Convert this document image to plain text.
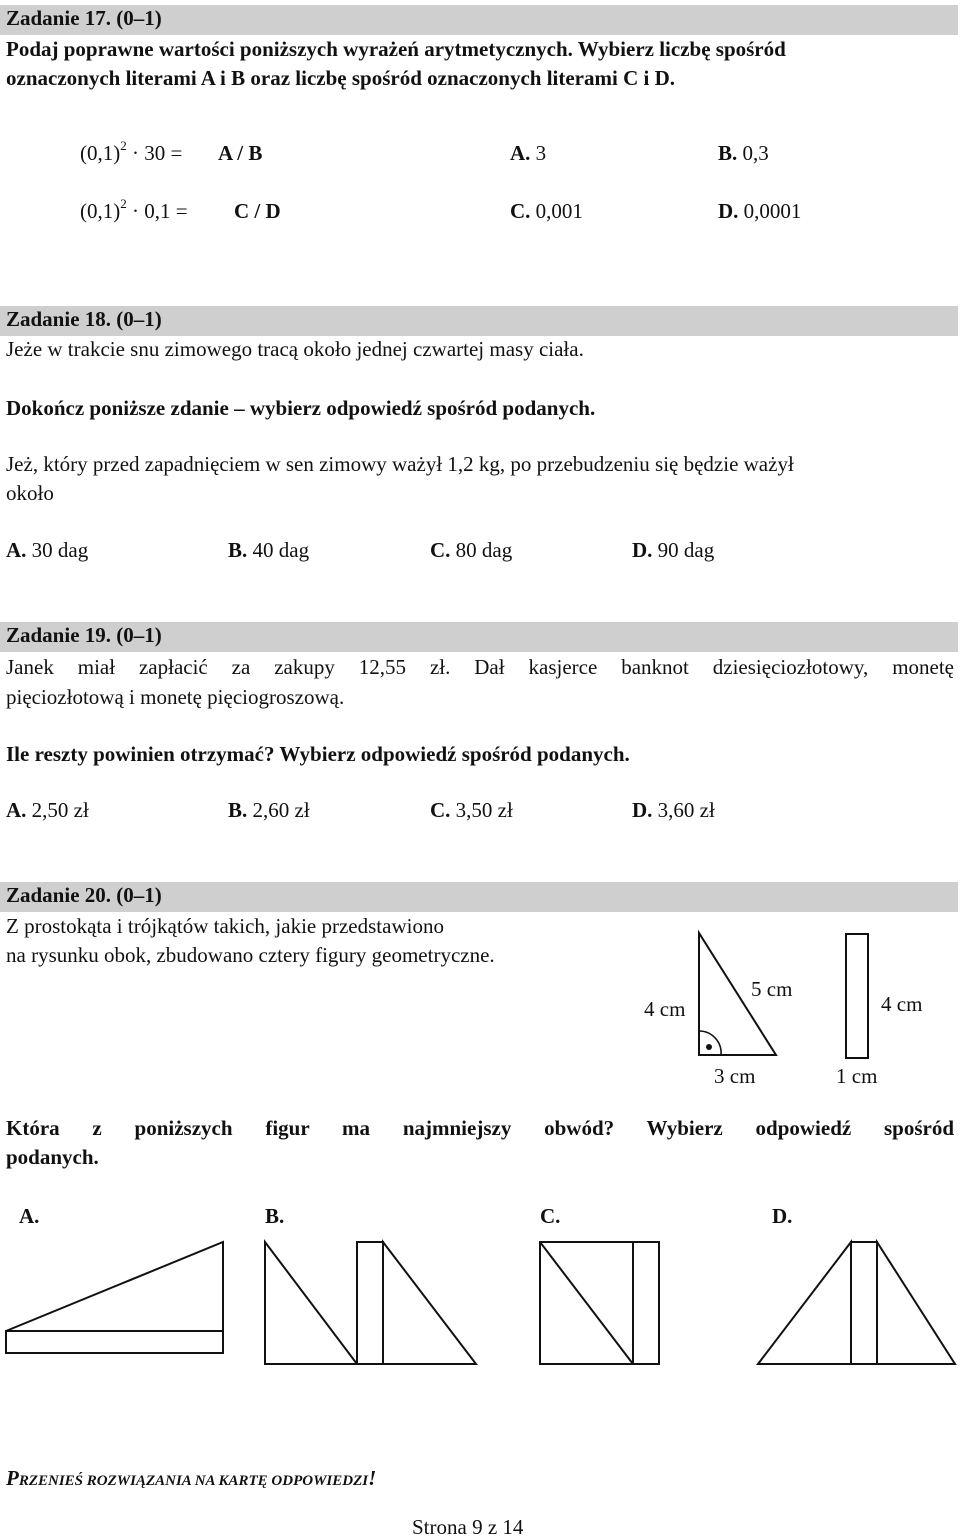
Zadanie 17. (0–1)
Podaj poprawne wartości poniższych wyrażeń arytmetycznych. Wybierz liczbę spośród
oznaczonych literami A i B oraz liczbę spośród oznaczonych literami C i D.
$(0,1)^2 \cdot 30 = A / B$	A. 3	B. 0,3
$(0,1)^2 \cdot 0,1 = C / D$	C. 0,001	D. 0,0001
Zadanie 18. (0–1)
Jeże w trakcie snu zimowego tracą około jednej czwartej masy ciała.
Dokończ poniższe zdanie – wybierz odpowiedź spośród podanych.
Jeż, który przed zapadnięciem w sen zimowy ważył 1,2 kg, po przebudzeniu się będzie ważył
około
A. 30 dag	B. 40 dag	C. 80 dag	D. 90 dag
Zadanie 19. (0–1)
Janek miał zapłacić za zakupy 12,55 zł. Dał kasjerce banknot dziesięciozłotowy, monetę
pięciozłotową i monetę pięciogroszową.
Ile reszty powinien otrzymać? Wybierz odpowiedź spośród podanych.
A. 2,50 zł	B. 2,60 zł	C. 3,50 zł	D. 3,60 zł
Zadanie 20. (0–1)
Z prostokąta i trójkątów takich, jakie przedstawiono
na rysunku obok, zbudowano cztery figury geometryczne.
4 cm
5 cm
3 cm
4 cm
1 cm
Która z poniższych figur ma najmniejszy obwód? Wybierz odpowiedź spośród
podanych.
A.	B.	C.	D.
PRZENIEŚ ROZWIĄZANIA NA KARTĘ ODPOWIEDZI!
Strona 9 z 14
